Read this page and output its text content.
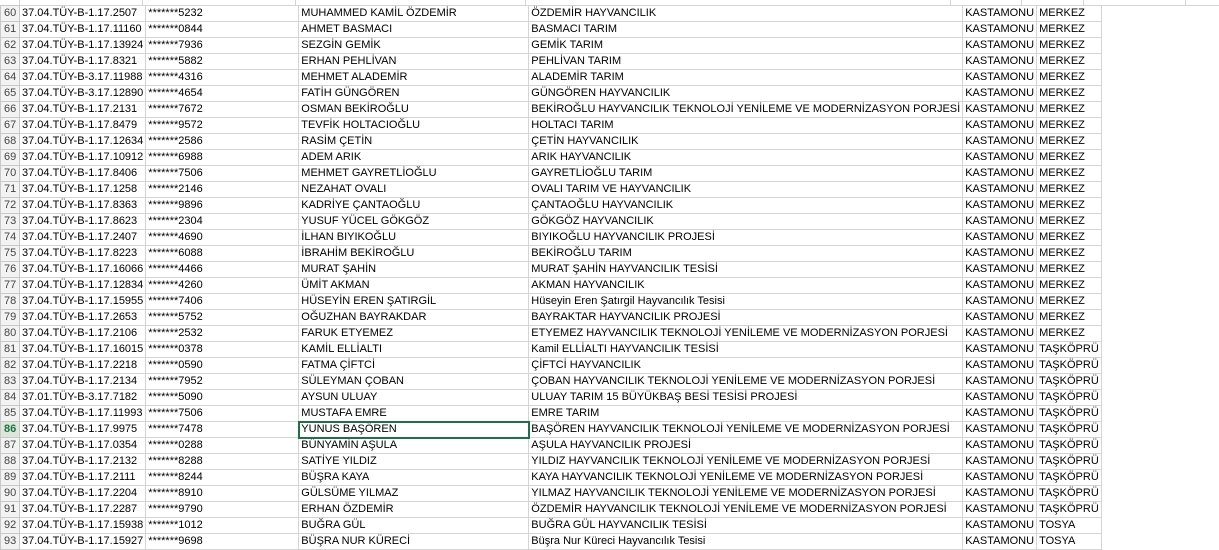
60	37.04.TÜY-B-1.17.2507	*******5232	MUHAMMED KAMİL ÖZDEMİR	ÖZDEMİR HAYVANCILIK	KASTAMONU	MERKEZ
61	37.04.TÜY-B-1.17.11160	*******0844	AHMET BASMACI	BASMACI TARIM	KASTAMONU	MERKEZ
62	37.04.TÜY-B-1.17.13924	*******7936	SEZGİN GEMİK	GEMİK TARIM	KASTAMONU	MERKEZ
63	37.04.TÜY-B-1.17.8321	*******5882	ERHAN PEHLİVAN	PEHLİVAN TARIM	KASTAMONU	MERKEZ
64	37.04.TÜY-B-3.17.11988	*******4316	MEHMET ALADEMİR	ALADEMİR TARIM	KASTAMONU	MERKEZ
65	37.04.TÜY-B-3.17.12890	*******4654	FATİH GÜNGÖREN	GÜNGÖREN HAYVANCILIK	KASTAMONU	MERKEZ
66	37.04.TÜY-B-1.17.2131	*******7672	OSMAN BEKİROĞLU	BEKİROĞLU HAYVANCILIK TEKNOLOJİ YENİLEME VE MODERNİZASYON PORJESİ	KASTAMONU	MERKEZ
67	37.04.TÜY-B-1.17.8479	*******9572	TEVFİK HOLTACIOĞLU	HOLTACI TARIM	KASTAMONU	MERKEZ
68	37.04.TÜY-B-1.17.12634	*******2586	RASİM ÇETİN	ÇETİN HAYVANCILIK	KASTAMONU	MERKEZ
69	37.04.TÜY-B-1.17.10912	*******6988	ADEM ARIK	ARIK HAYVANCILIK	KASTAMONU	MERKEZ
70	37.04.TÜY-B-1.17.8406	*******7506	MEHMET GAYRETLİOĞLU	GAYRETLİOĞLU TARIM	KASTAMONU	MERKEZ
71	37.04.TÜY-B-1.17.1258	*******2146	NEZAHAT OVALI	OVALI TARIM VE HAYVANCILIK	KASTAMONU	MERKEZ
72	37.04.TÜY-B-1.17.8363	*******9896	KADRİYE ÇANTAOĞLU	ÇANTAOĞLU HAYVANCILIK	KASTAMONU	MERKEZ
73	37.04.TÜY-B-1.17.8623	*******2304	YUSUF YÜCEL GÖKGÖZ	GÖKGÖZ HAYVANCILIK	KASTAMONU	MERKEZ
74	37.04.TÜY-B-1.17.2407	*******4690	İLHAN BIYIKOĞLU	BIYIKOĞLU HAYVANCILIK PROJESİ	KASTAMONU	MERKEZ
75	37.04.TÜY-B-1.17.8223	*******6088	İBRAHİM BEKİROĞLU	BEKİROĞLU TARIM	KASTAMONU	MERKEZ
76	37.04.TÜY-B-1.17.16066	*******4466	MURAT ŞAHİN	MURAT ŞAHİN HAYVANCILIK TESİSİ	KASTAMONU	MERKEZ
77	37.04.TÜY-B-1.17.12834	*******4260	ÜMİT AKMAN	AKMAN HAYVANCILIK	KASTAMONU	MERKEZ
78	37.04.TÜY-B-1.17.15955	*******7406	HÜSEYİN EREN ŞATIRGİL	Hüseyin Eren Şatırgil Hayvancılık Tesisi	KASTAMONU	MERKEZ
79	37.04.TÜY-B-1.17.2653	*******5752	OĞUZHAN BAYRAKDAR	BAYRAKTAR HAYVANCILIK PROJESİ	KASTAMONU	MERKEZ
80	37.04.TÜY-B-1.17.2106	*******2532	FARUK ETYEMEZ	ETYEMEZ HAYVANCILIK TEKNOLOJİ YENİLEME VE MODERNİZASYON PORJESİ	KASTAMONU	MERKEZ
81	37.04.TÜY-B-1.17.16015	*******0378	KAMİL ELLİALTI	Kamil ELLİALTI HAYVANCILIK TESİSİ	KASTAMONU	TAŞKÖPRÜ
82	37.04.TÜY-B-1.17.2218	*******0590	FATMA ÇİFTCİ	ÇİFTCİ HAYVANCILIK	KASTAMONU	TAŞKÖPRÜ
83	37.04.TÜY-B-1.17.2134	*******7952	SÜLEYMAN ÇOBAN	ÇOBAN HAYVANCILIK TEKNOLOJİ YENİLEME VE MODERNİZASYON PORJESİ	KASTAMONU	TAŞKÖPRÜ
84	37.01.TÜY-B-3.17.7182	*******5090	AYSUN ULUAY	ULUAY TARIM 15 BÜYÜKBAŞ BESİ TESİSİ PROJESİ	KASTAMONU	TAŞKÖPRÜ
85	37.04.TÜY-B-1.17.11993	*******7506	MUSTAFA EMRE	EMRE TARIM	KASTAMONU	TAŞKÖPRÜ
86	37.04.TÜY-B-1.17.9975	*******7478	YUNUS BAŞÖREN	BAŞÖREN HAYVANCILIK TEKNOLOJİ YENİLEME VE MODERNİZASYON PORJESİ	KASTAMONU	TAŞKÖPRÜ
87	37.04.TÜY-B-1.17.0354	*******0288	BÜNYAMİN AŞULA	AŞULA HAYVANCILIK PROJESİ	KASTAMONU	TAŞKÖPRÜ
88	37.04.TÜY-B-1.17.2132	*******8288	SATİYE YILDIZ	YILDIZ HAYVANCILIK TEKNOLOJİ YENİLEME VE MODERNİZASYON PORJESİ	KASTAMONU	TAŞKÖPRÜ
89	37.04.TÜY-B-1.17.2111	*******8244	BÜŞRA KAYA	KAYA HAYVANCILIK TEKNOLOJİ YENİLEME VE MODERNİZASYON PORJESİ	KASTAMONU	TAŞKÖPRÜ
90	37.04.TÜY-B-1.17.2204	*******8910	GÜLSÜME YILMAZ	YILMAZ HAYVANCILIK TEKNOLOJİ YENİLEME VE MODERNİZASYON PORJESİ	KASTAMONU	TAŞKÖPRÜ
91	37.04.TÜY-B-1.17.2287	*******9790	ERHAN ÖZDEMİR	ÖZDEMİR HAYVANCILIK TEKNOLOJİ YENİLEME VE MODERNİZASYON PORJESİ	KASTAMONU	TAŞKÖPRÜ
92	37.04.TÜY-B-1.17.15938	*******1012	BUĞRA GÜL	BUĞRA GÜL HAYVANCILIK TESİSİ	KASTAMONU	TOSYA
93	37.04.TÜY-B-1.17.15927	*******9698	BÜŞRA NUR KÜRECİ	Büşra Nur Küreci Hayvancılık Tesisi	KASTAMONU	TOSYA
